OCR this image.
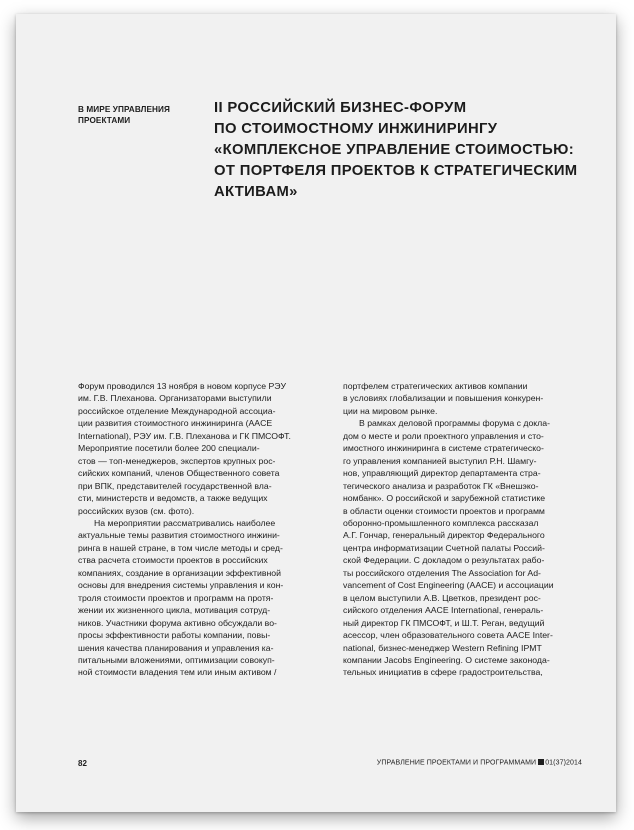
В МИРЕ УПРАВЛЕНИЯ
ПРОЕКТАМИ
II РОССИЙСКИЙ БИЗНЕС-ФОРУМ
ПО СТОИМОСТНОМУ ИНЖИНИРИНГУ
«КОМПЛЕКСНОЕ УПРАВЛЕНИЕ СТОИМОСТЬЮ:
ОТ ПОРТФЕЛЯ ПРОЕКТОВ К СТРАТЕГИЧЕСКИМ
АКТИВАМ»
Форум проводился 13 ноября в новом корпусе РЭУ
им. Г.В. Плеханова. Организаторами выступили
российское отделение Международной ассоциа-
ции развития стоимостного инжиниринга (AACE
International), РЭУ им. Г.В. Плеханова и ГК ПМСОФТ.
Мероприятие посетили более 200 специали-
стов — топ-менеджеров, экспертов крупных рос-
сийских компаний, членов Общественного совета
при ВПК, представителей государственной вла-
сти, министерств и ведомств, а также ведущих
российских вузов (см. фото).
На мероприятии рассматривались наиболее
актуальные темы развития стоимостного инжини-
ринга в нашей стране, в том числе методы и сред-
ства расчета стоимости проектов в российских
компаниях, создание в организации эффективной
основы для внедрения системы управления и кон-
троля стоимости проектов и программ на протя-
жении их жизненного цикла, мотивация сотруд-
ников. Участники форума активно обсуждали во-
просы эффективности работы компании, повы-
шения качества планирования и управления ка-
питальными вложениями, оптимизации совокуп-
ной стоимости владения тем или иным активом /
портфелем стратегических активов компании
в условиях глобализации и повышения конкурен-
ции на мировом рынке.
В рамках деловой программы форума с докла-
дом о месте и роли проектного управления и сто-
имостного инжиниринга в системе стратегическо-
го управления компанией выступил Р.Н. Шамгу-
нов, управляющий директор департамента стра-
тегического анализа и разработок ГК «Внешэко-
номбанк». О российской и зарубежной статистике
в области оценки стоимости проектов и программ
оборонно-промышленного комплекса рассказал
А.Г. Гончар, генеральный директор Федерального
центра информатизации Счетной палаты Россий-
ской Федерации. С докладом о результатах рабо-
ты российского отделения The Association for Ad-
vancement of Cost Engineering (AACE) и ассоциации
в целом выступили А.В. Цветков, президент рос-
сийского отделения AACE International, генераль-
ный директор ГК ПМСОФТ, и Ш.Т. Реган, ведущий
асессор, член образовательного совета AACE Inter-
national, бизнес-менеджер Western Refining IPMT
компании Jacobs Engineering. О системе законода-
тельных инициатив в сфере градостроительства,
82	УПРАВЛЕНИЕ ПРОЕКТАМИ И ПРОГРАММАМИ 01(37)2014
